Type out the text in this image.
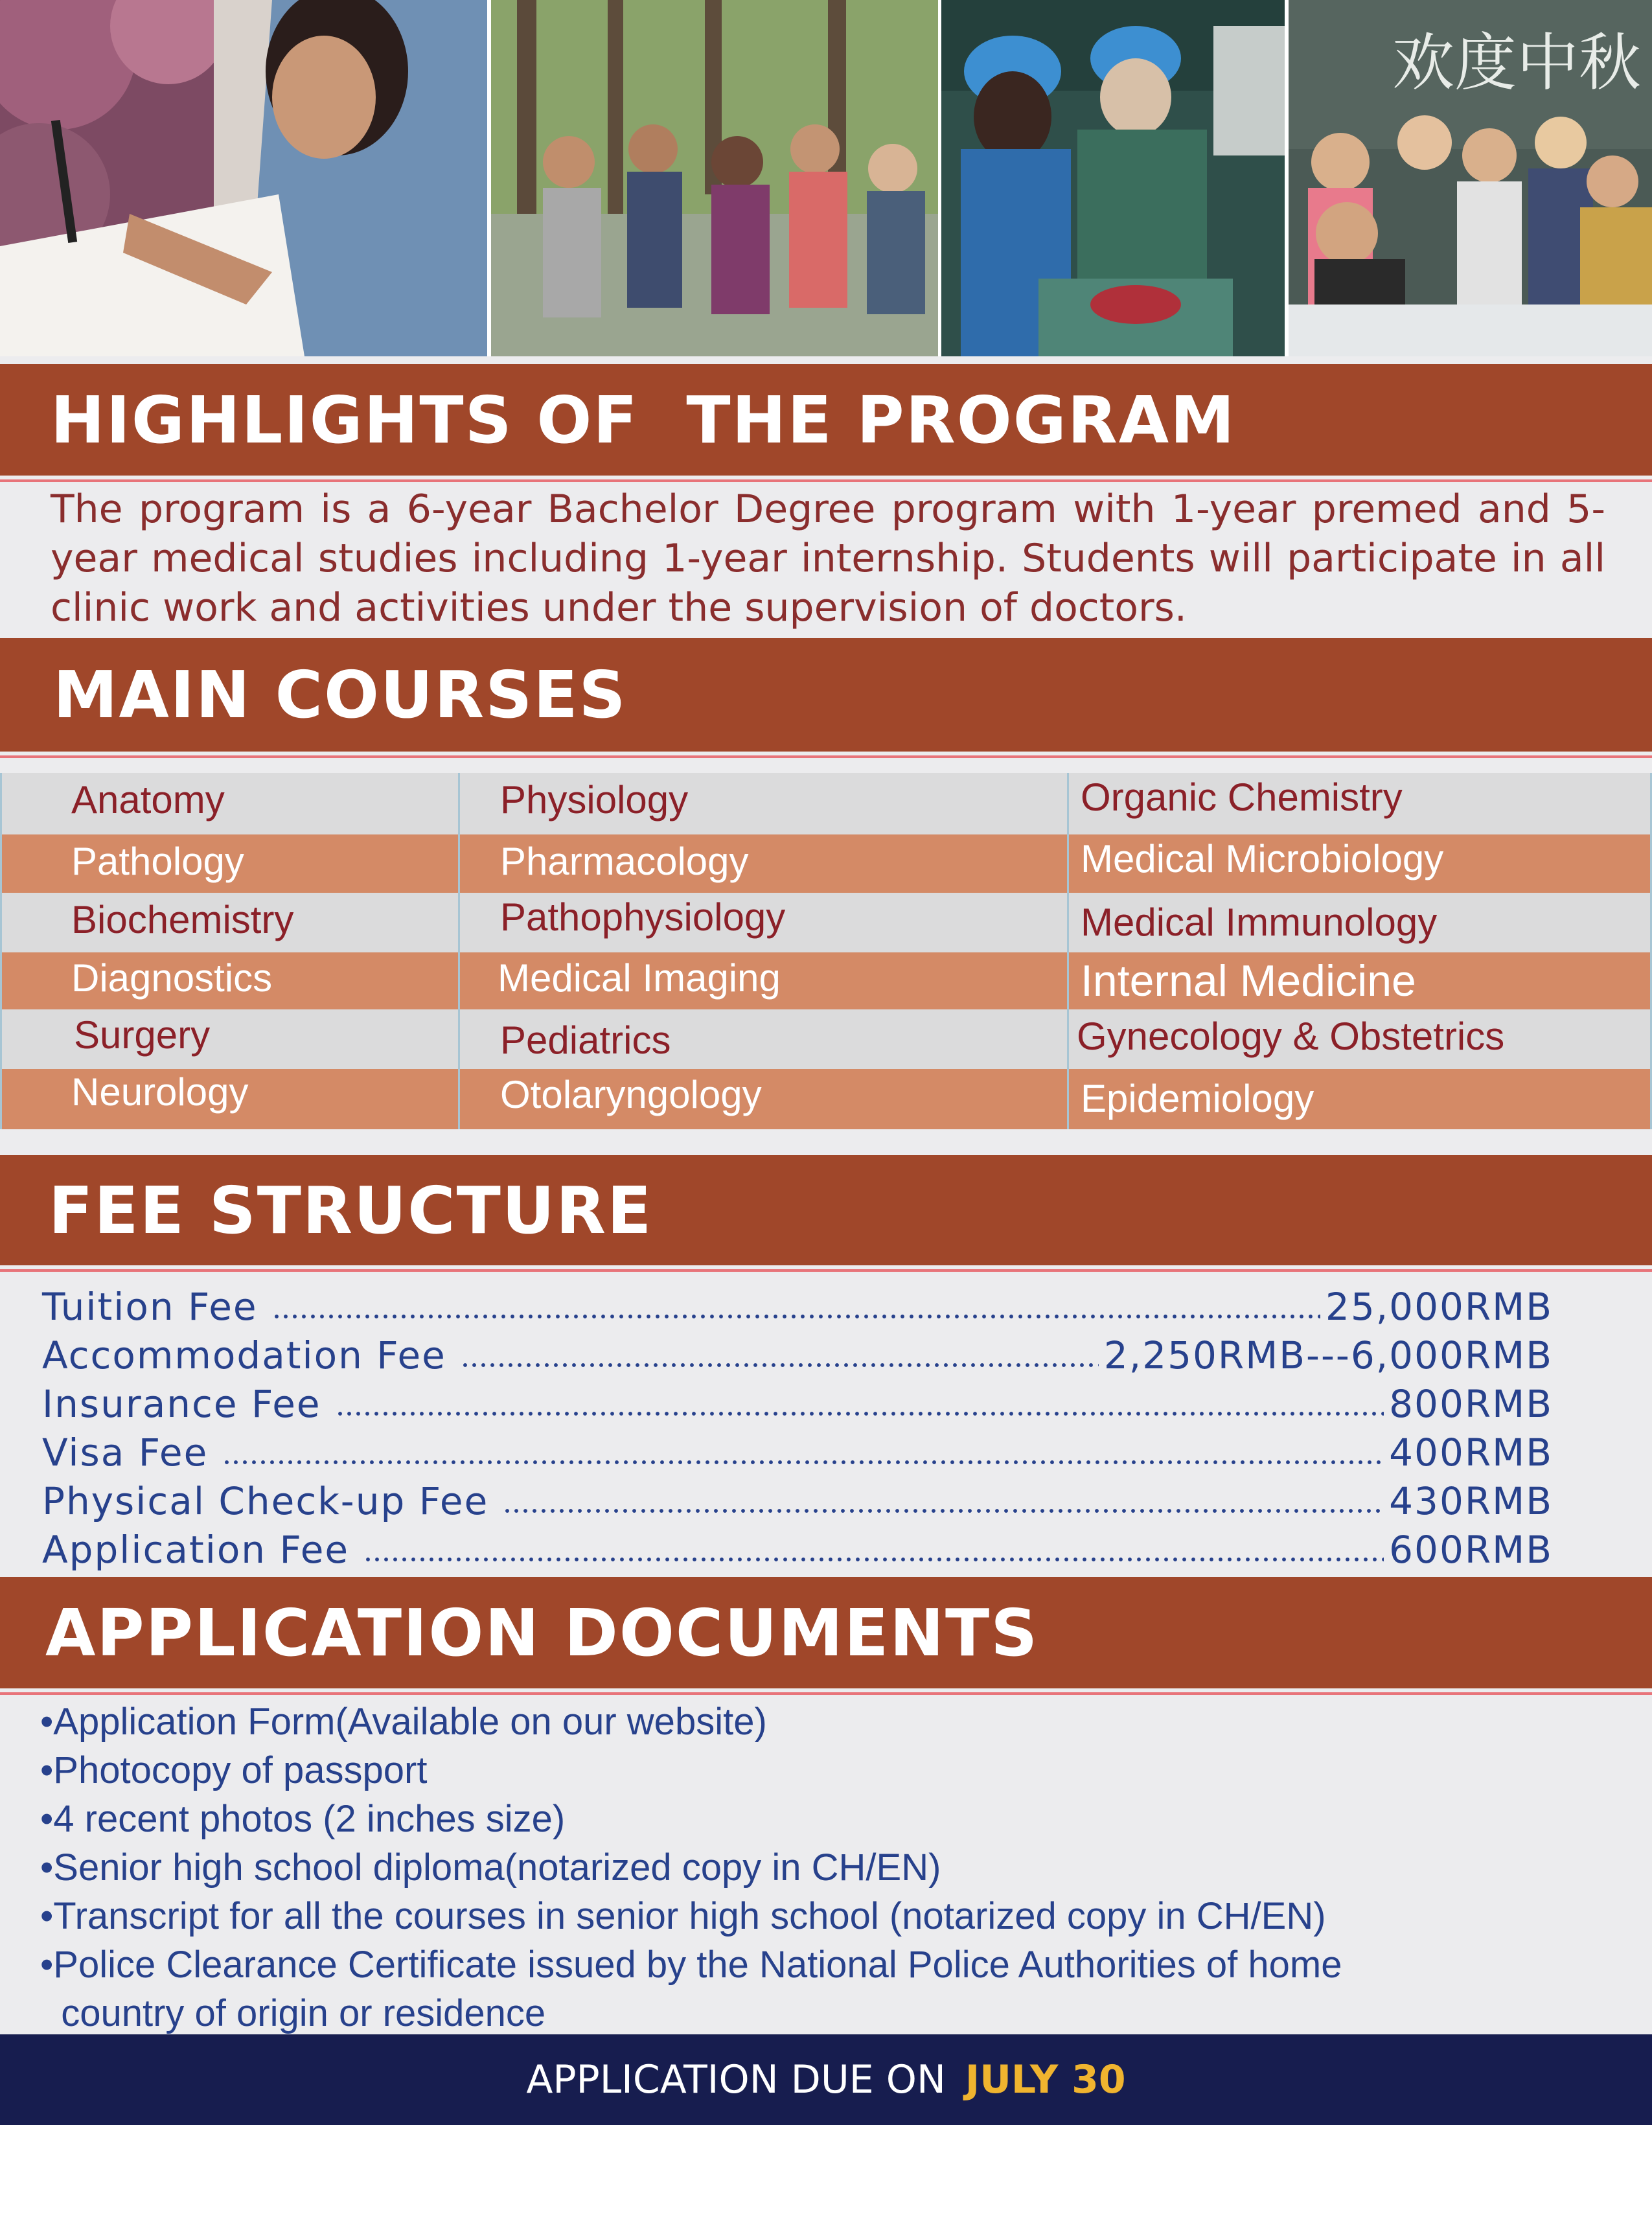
欢度中秋
HIGHLIGHTS OF  THE PROGRAM
The program is a 6-year Bachelor Degree program with 1-year premed and 5-year medical studies including 1-year internship. Students will participate in all clinic work and activities under the supervision of doctors.
MAIN COURSES
Anatomy	Physiology	Organic Chemistry
Pathology	Pharmacology	Medical Microbiology
Biochemistry	Pathophysiology	Medical Immunology
Diagnostics	Medical Imaging	Internal Medicine
Surgery	Pediatrics	Gynecology & Obstetrics
Neurology	Otolaryngology	Epidemiology
FEE STRUCTURE
Tuition Fee	25,000RMB
Accommodation Fee	2,250RMB---6,000RMB
Insurance Fee	800RMB
Visa Fee	400RMB
Physical Check-up Fee	430RMB
Application Fee	600RMB
APPLICATION DOCUMENTS
•Application Form(Available on our website)
•Photocopy of passport
•4 recent photos (2 inches size)
•Senior high school diploma(notarized copy in CH/EN)
•Transcript for all the courses in senior high school (notarized copy in CH/EN)
•Police Clearance Certificate issued by the National Police Authorities of home
country of origin or residence
APPLICATION DUE ON JULY 30
